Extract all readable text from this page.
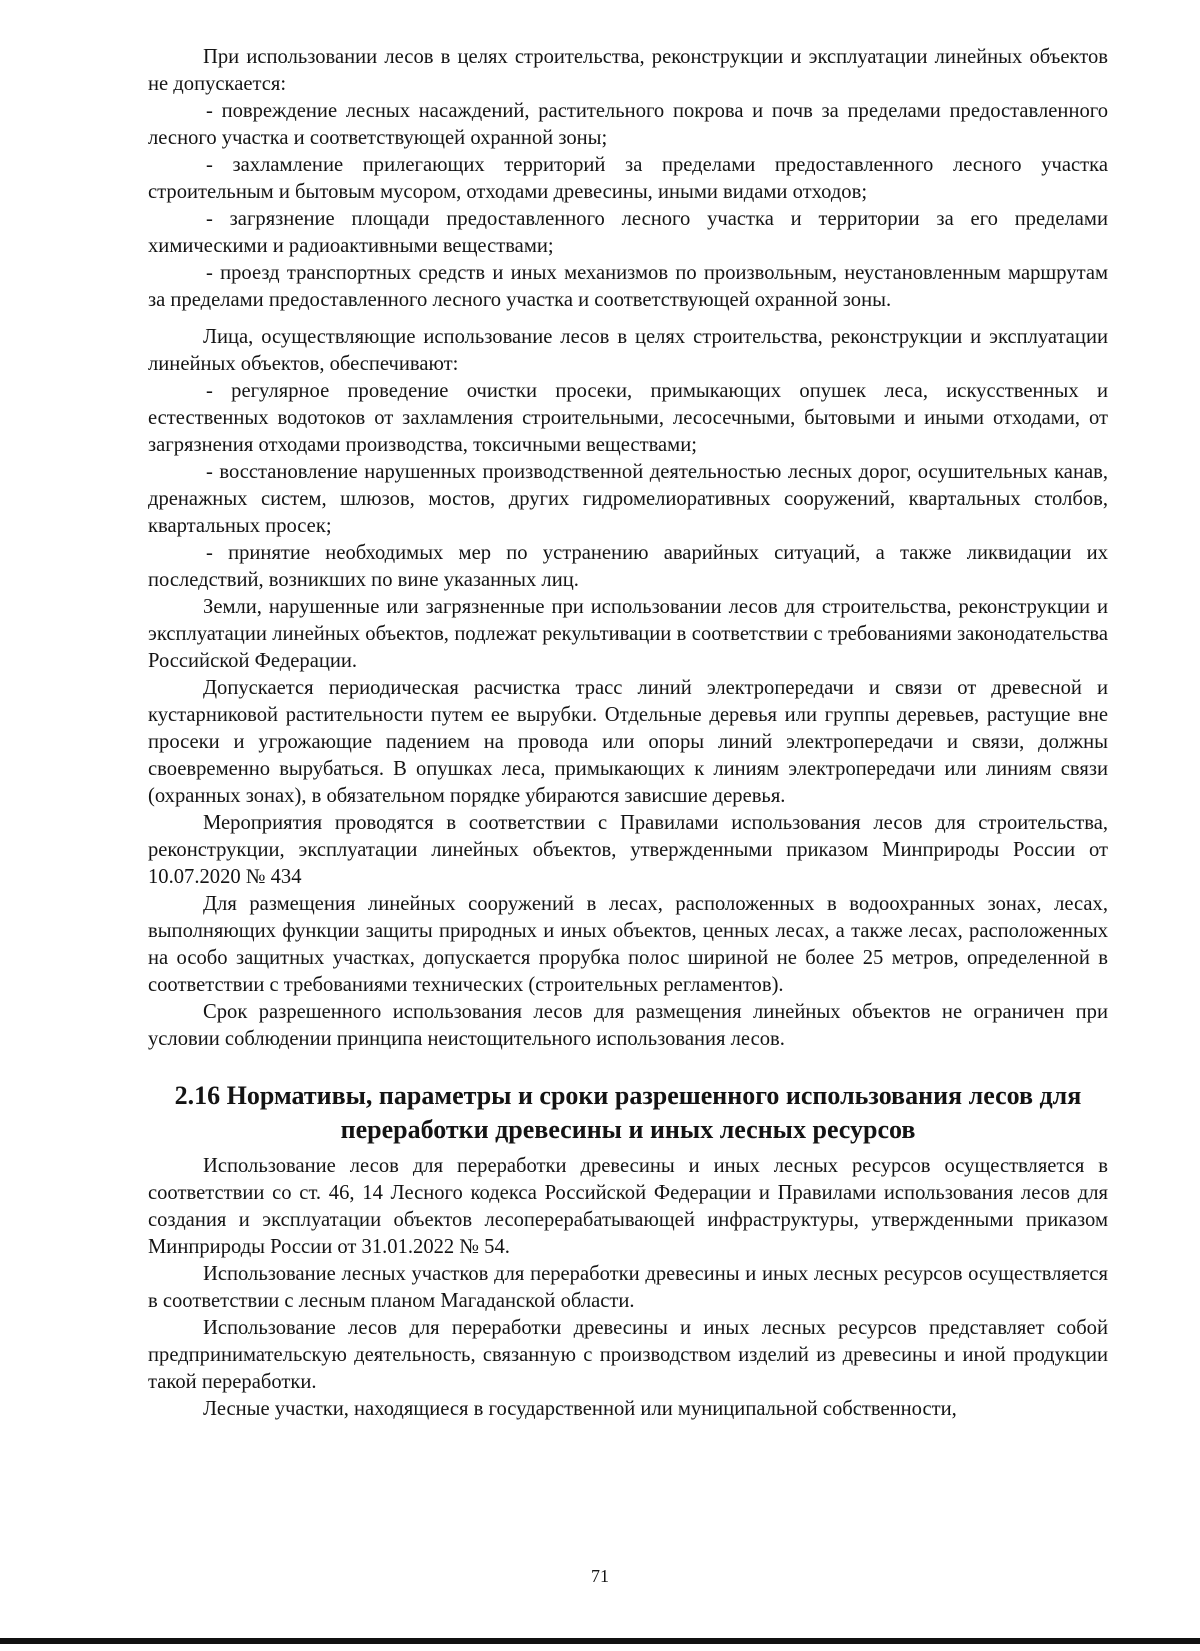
При использовании лесов в целях строительства, реконструкции и эксплуатации линейных объектов не допускается:

- повреждение лесных насаждений, растительного покрова и почв за пределами предоставленного лесного участка и соответствующей охранной зоны;

- захламление прилегающих территорий за пределами предоставленного лесного участка строительным и бытовым мусором, отходами древесины, иными видами отходов;

- загрязнение площади предоставленного лесного участка и территории за его пределами химическими и радиоактивными веществами;

- проезд транспортных средств и иных механизмов по произвольным, неустановленным маршрутам за пределами предоставленного лесного участка и соответствующей охранной зоны.

Лица, осуществляющие использование лесов в целях строительства, реконструкции и эксплуатации линейных объектов, обеспечивают:

- регулярное проведение очистки просеки, примыкающих опушек леса, искусственных и естественных водотоков от захламления строительными, лесосечными, бытовыми и иными отходами, от загрязнения отходами производства, токсичными веществами;

- восстановление нарушенных производственной деятельностью лесных дорог, осушительных канав, дренажных систем, шлюзов, мостов, других гидромелиоративных сооружений, квартальных столбов, квартальных просек;

- принятие необходимых мер по устранению аварийных ситуаций, а также ликвидации их последствий, возникших по вине указанных лиц.

Земли, нарушенные или загрязненные при использовании лесов для строительства, реконструкции и эксплуатации линейных объектов, подлежат рекультивации в соответствии с требованиями законодательства Российской Федерации.

Допускается периодическая расчистка трасс линий электропередачи и связи от древесной и кустарниковой растительности путем ее вырубки. Отдельные деревья или группы деревьев, растущие вне просеки и угрожающие падением на провода или опоры линий электропередачи и связи, должны своевременно вырубаться. В опушках леса, примыкающих к линиям электропередачи или линиям связи (охранных зонах), в обязательном порядке убираются зависшие деревья.

Мероприятия проводятся в соответствии с Правилами использования лесов для строительства, реконструкции, эксплуатации линейных объектов, утвержденными приказом Минприроды России от 10.07.2020 № 434

Для размещения линейных сооружений в лесах, расположенных в водоохранных зонах, лесах, выполняющих функции защиты природных и иных объектов, ценных лесах, а также лесах, расположенных на особо защитных участках, допускается прорубка полос шириной не более 25 метров, определенной в соответствии с требованиями технических (строительных регламентов).

Срок разрешенного использования лесов для размещения линейных объектов не ограничен при условии соблюдении принципа неистощительного использования лесов.

2.16 Нормативы, параметры и сроки разрешенного использования лесов для переработки древесины и иных лесных ресурсов

Использование лесов для переработки древесины и иных лесных ресурсов осуществляется в соответствии со ст. 46, 14 Лесного кодекса Российской Федерации и Правилами использования лесов для создания и эксплуатации объектов лесоперерабатывающей инфраструктуры, утвержденными приказом Минприроды России от 31.01.2022 № 54.

Использование лесных участков для переработки древесины и иных лесных ресурсов осуществляется в соответствии с лесным планом Магаданской области.

Использование лесов для переработки древесины и иных лесных ресурсов представляет собой предпринимательскую деятельность, связанную с производством изделий из древесины и иной продукции такой переработки.

Лесные участки, находящиеся в государственной или муниципальной собственности,

71
